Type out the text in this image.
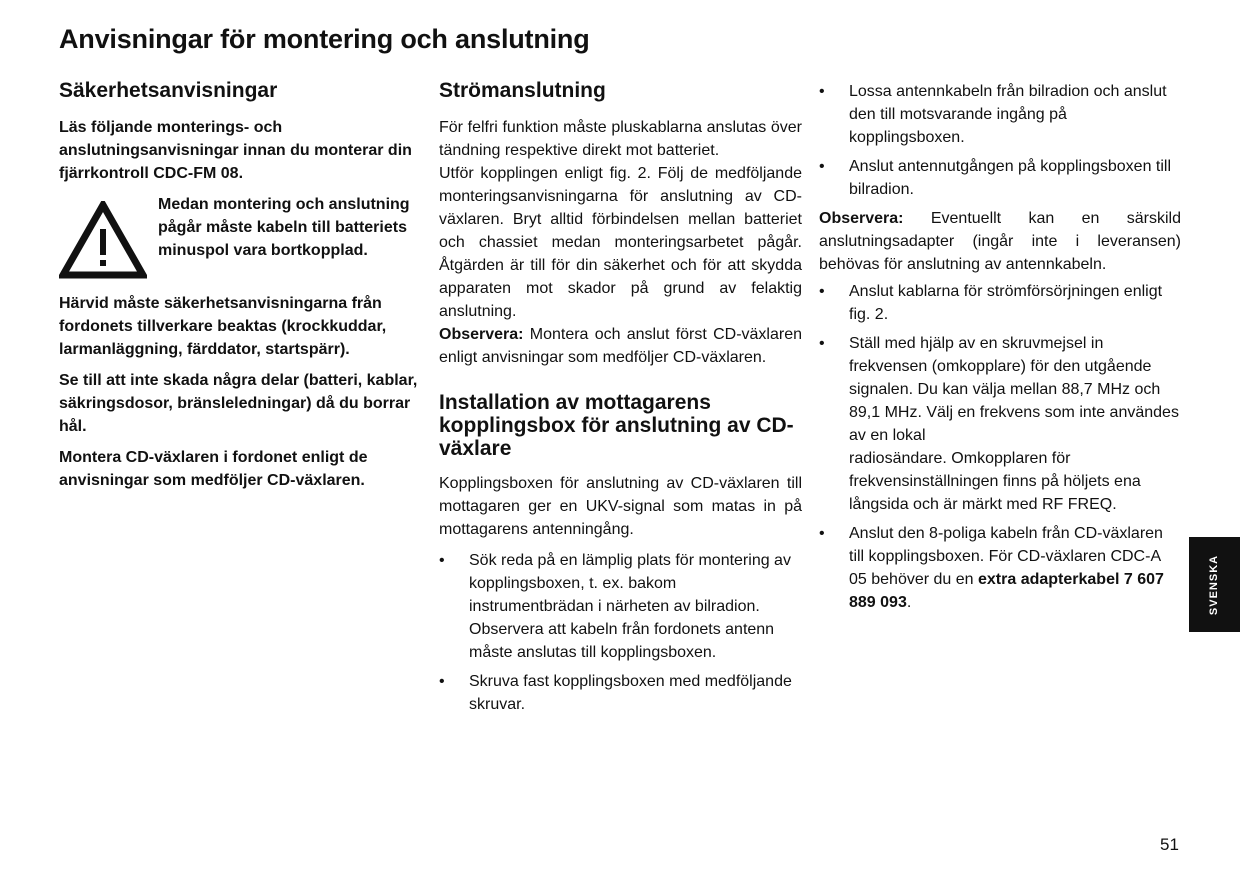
Anvisningar för montering och anslutning
Säkerhetsanvisningar

Läs följande monterings- och anslutningsanvisningar innan du monterar din fjärrkontroll CDC-FM 08.

Medan montering och anslutning pågår måste kabeln till batteriets minuspol vara bortkopplad.

Härvid måste säkerhetsanvisningarna från fordonets tillverkare beaktas (krockkuddar, larmanläggning, färddator, startspärr).

Se till att inte skada några delar (batteri, kablar, säkringsdosor, bränsleledningar) då du borrar hål.

Montera CD-växlaren i fordonet enligt de anvisningar som medföljer CD-växlaren.

Strömanslutning

För felfri funktion måste pluskablarna anslutas över tändning respektive direkt mot batteriet.

Utför kopplingen enligt fig. 2. Följ de medföljande monteringsanvisningarna för anslutning av CD-växlaren. Bryt alltid förbindelsen mellan batteriet och chassiet medan monteringsarbetet pågår. Åtgärden är till för din säkerhet och för att skydda apparaten mot skador på grund av felaktig anslutning.

Observera: Montera och anslut först CD-växlaren enligt anvisningar som medföljer CD-växlaren.

Installation av mottagarens kopplingsbox för anslutning av CD-växlare

Kopplingsboxen för anslutning av CD-växlaren till mottagaren ger en UKV-signal som matas in på mottagarens antenningång.

• Sök reda på en lämplig plats för montering av kopplingsboxen, t. ex. bakom instrumentbrädan i närheten av bilradion. Observera att kabeln från fordonets antenn måste anslutas till kopplingsboxen.
• Skruva fast kopplingsboxen med medföljande skruvar.
• Lossa antennkabeln från bilradion och anslut den till motsvarande ingång på kopplingsboxen.
• Anslut antennutgången på kopplingsboxen till bilradion.

Observera: Eventuellt kan en särskild anslutningsadapter (ingår inte i leveransen) behövas för anslutning av antennkabeln.

• Anslut kablarna för strömförsörjningen enligt fig. 2.
• Ställ med hjälp av en skruvmejsel in frekvensen (omkopplare) för den utgående signalen. Du kan välja mellan 88,7 MHz och 89,1 MHz. Välj en frekvens som inte användes av en lokal
radiosändare. Omkopplaren för frekvensinställningen finns på höljets ena långsida och är märkt med RF FREQ.
• Anslut den 8-poliga kabeln från CD-växlaren till kopplingsboxen. För CD-växlaren CDC-A 05 behöver du en extra adapterkabel 7 607 889 093.	SVENSKA
51
